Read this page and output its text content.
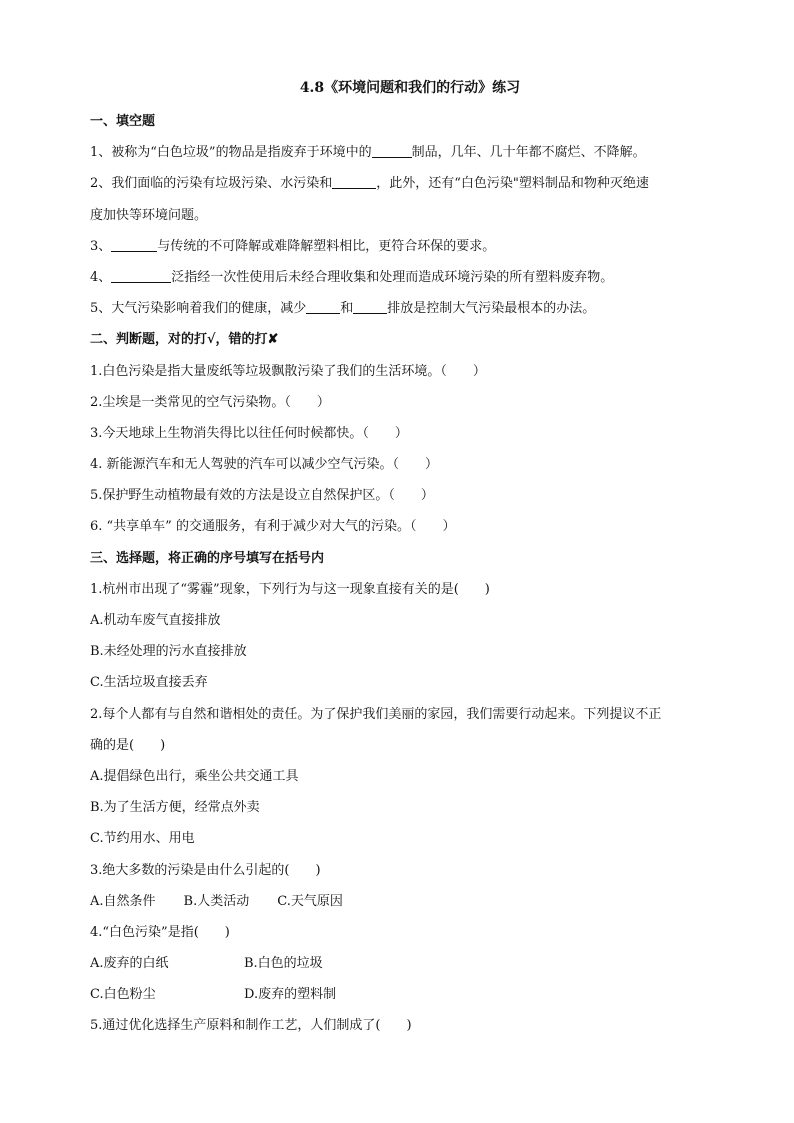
4.8《环境问题和我们的行动》练习
一、填空题
1、被称为“白色垃圾”的物品是指废弃于环境中的	制品，几年、几十年都不腐烂、不降解。
2、我们面临的污染有垃圾污染、水污染和	，此外，还有“白色污染"塑料制品和物种灭绝速
度加快等环境问题。
3、	与传统的不可降解或难降解塑料相比，更符合环保的要求。
4、	泛指经一次性使用后未经合理收集和处理而造成环境污染的所有塑料废弃物。
5、大气污染影响着我们的健康，减少	和	排放是控制大气污染最根本的办法。
二、判断题，对的打√，错的打✘
1.白色污染是指大量废纸等垃圾飘散污染了我们的生活环境。（　　）
2.尘埃是一类常见的空气污染物。（　　）
3.今天地球上生物消失得比以往任何时候都快。（　　）
4. 新能源汽车和无人驾驶的汽车可以减少空气污染。（　　）
5.保护野生动植物最有效的方法是设立自然保护区。（　　）
6. “共享单车” 的交通服务，有利于减少对大气的污染。（　　）
三、选择题，将正确的序号填写在括号内
1.杭州市出现了“雾霾”现象，下列行为与这一现象直接有关的是(　　)
A.机动车废气直接排放
B.未经处理的污水直接排放
C.生活垃圾直接丢弃
2.每个人都有与自然和谐相处的责任。为了保护我们美丽的家园，我们需要行动起来。下列提议不正
确的是(　　)
A.提倡绿色出行，乘坐公共交通工具
B.为了生活方便，经常点外卖
C.节约用水、用电
3.绝大多数的污染是由什么引起的(　　)
A.自然条件 B.人类活动 C.天气原因
4.“白色污染”是指(　　)
A.废弃的白纸	B.白色的垃圾
C.白色粉尘	D.废弃的塑料制
5.通过优化选择生产原料和制作工艺，人们制成了(　　)
